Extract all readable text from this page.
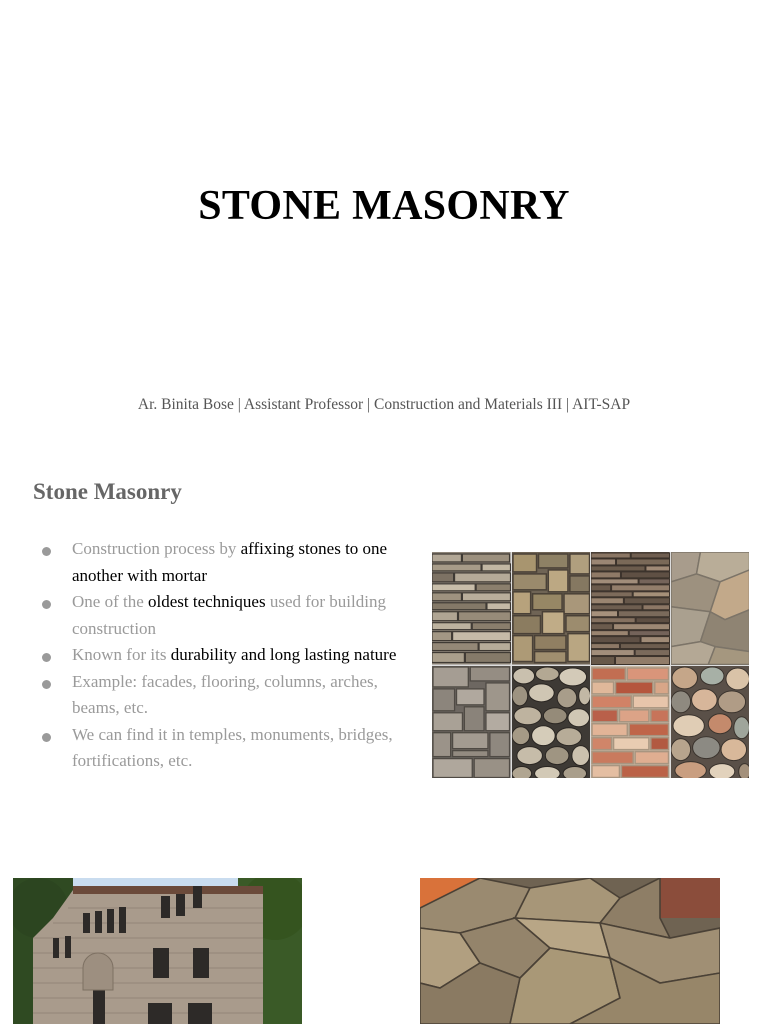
STONE MASONRY
Ar. Binita Bose | Assistant Professor | Construction and Materials III | AIT-SAP
Stone Masonry
Construction process by affixing stones to one another with mortar
One of the oldest techniques used for building construction
Known for its durability and long lasting nature
Example: facades, flooring, columns, arches, beams, etc.
We can find it in temples, monuments, bridges, fortifications, etc.
